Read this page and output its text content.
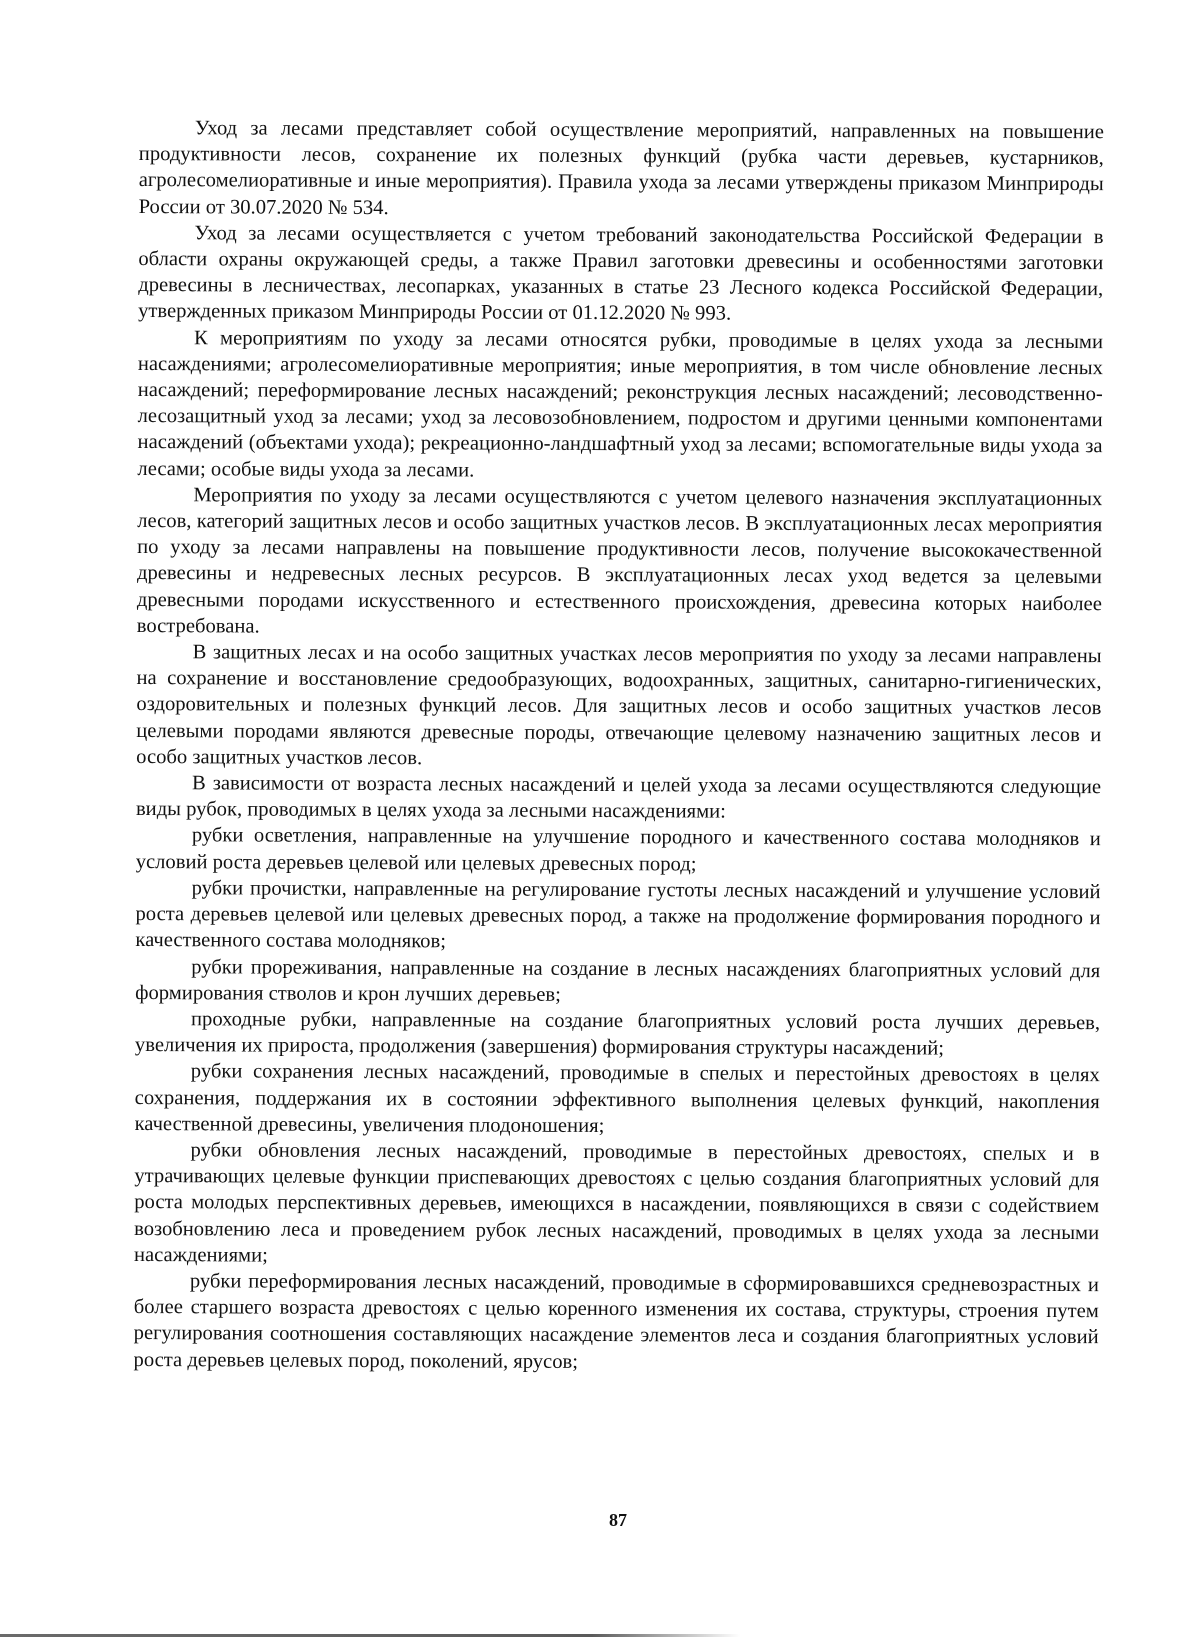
Уход за лесами представляет собой осуществление мероприятий, направленных на повышение продуктивности лесов, сохранение их полезных функций (рубка части деревьев, кустарников, агролесомелиоративные и иные мероприятия). Правила ухода за лесами утверждены приказом Минприроды России от 30.07.2020 № 534.

Уход за лесами осуществляется с учетом требований законодательства Российской Федерации в области охраны окружающей среды, а также Правил заготовки древесины и особенностями заготовки древесины в лесничествах, лесопарках, указанных в статье 23 Лесного кодекса Российской Федерации, утвержденных приказом Минприроды России от 01.12.2020 № 993.

К мероприятиям по уходу за лесами относятся рубки, проводимые в целях ухода за лесными насаждениями; агролесомелиоративные мероприятия; иные мероприятия, в том числе обновление лесных насаждений; переформирование лесных насаждений; реконструкция лесных насаждений; лесоводственно-лесозащитный уход за лесами; уход за лесовозобновлением, подростом и другими ценными компонентами насаждений (объектами ухода); рекреационно-ландшафтный уход за лесами; вспомогательные виды ухода за лесами; особые виды ухода за лесами.

Мероприятия по уходу за лесами осуществляются с учетом целевого назначения эксплуатационных лесов, категорий защитных лесов и особо защитных участков лесов. В эксплуатационных лесах мероприятия по уходу за лесами направлены на повышение продуктивности лесов, получение высококачественной древесины и недревесных лесных ресурсов. В эксплуатационных лесах уход ведется за целевыми древесными породами искусственного и естественного происхождения, древесина которых наиболее востребована.

В защитных лесах и на особо защитных участках лесов мероприятия по уходу за лесами направлены на сохранение и восстановление средообразующих, водоохранных, защитных, санитарно-гигиенических, оздоровительных и полезных функций лесов. Для защитных лесов и особо защитных участков лесов целевыми породами являются древесные породы, отвечающие целевому назначению защитных лесов и особо защитных участков лесов.

В зависимости от возраста лесных насаждений и целей ухода за лесами осуществляются следующие виды рубок, проводимых в целях ухода за лесными насаждениями:

рубки осветления, направленные на улучшение породного и качественного состава молодняков и условий роста деревьев целевой или целевых древесных пород;

рубки прочистки, направленные на регулирование густоты лесных насаждений и улучшение условий роста деревьев целевой или целевых древесных пород, а также на продолжение формирования породного и качественного состава молодняков;

рубки прореживания, направленные на создание в лесных насаждениях благоприятных условий для формирования стволов и крон лучших деревьев;

проходные рубки, направленные на создание благоприятных условий роста лучших деревьев, увеличения их прироста, продолжения (завершения) формирования структуры насаждений;

рубки сохранения лесных насаждений, проводимые в спелых и перестойных древостоях в целях сохранения, поддержания их в состоянии эффективного выполнения целевых функций, накопления качественной древесины, увеличения плодоношения;

рубки обновления лесных насаждений, проводимые в перестойных древостоях, спелых и в утрачивающих целевые функции приспевающих древостоях с целью создания благоприятных условий для роста молодых перспективных деревьев, имеющихся в насаждении, появляющихся в связи с содействием возобновлению леса и проведением рубок лесных насаждений, проводимых в целях ухода за лесными насаждениями;

рубки переформирования лесных насаждений, проводимые в сформировавшихся средневозрастных и более старшего возраста древостоях с целью коренного изменения их состава, структуры, строения путем регулирования соотношения составляющих насаждение элементов леса и создания благоприятных условий роста деревьев целевых пород, поколений, ярусов;

87
